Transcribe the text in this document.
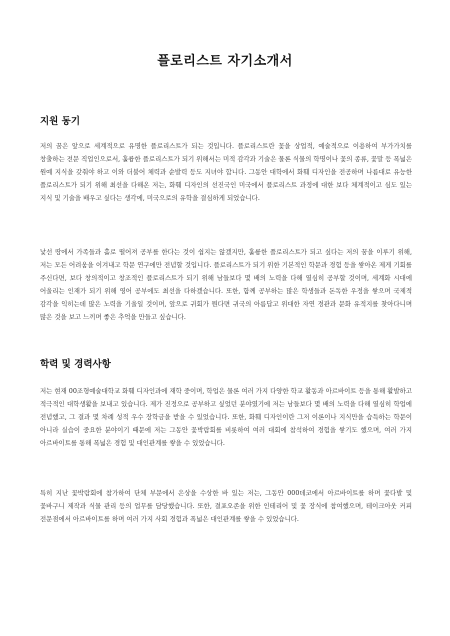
플로리스트 자기소개서
지원 동기

저의 꿈은 앞으로 세계적으로 유명한 플로리스트가 되는 것입니다. 플로리스트란 꽃을 상업적, 예술적으로 이용하여 부가가치를 창출하는 전문 직업인으로서, 훌륭한 플로리스트가 되기 위해서는 미적 감각과 기술은 물론 식물의 학명이나 꽃의 종류, 꽃말 등 폭넓은 원예 지식을 갖춰야 하고 이와 더불어 체력과 순발력 등도 지녀야 합니다. 그동안 대학에서 화훼 디자인을 전공하며 나름대로 유능한 플로리스트가 되기 위해 최선을 다해온 저는, 화훼 디자인의 선진국인 미국에서 플로리스트 과정에 대한 보다 체계적이고 심도 있는 지식 및 기술을 배우고 싶다는 생각에, 미국으로의 유학을 결심하게 되었습니다.

낯선 땅에서 가족들과 홀로 떨어져 공부를 한다는 것이 쉽지는 않겠지만, 훌륭한 플로리스트가 되고 싶다는 저의 꿈을 이루기 위해, 저는 모든 어려움을 이겨내고 학문 연구에만 전념할 것입니다. 플로리스트가 되기 위한 기본적인 학문과 경험 등을 쌓아온 제게 기회를 주신다면, 보다 창의적이고 창조적인 플로리스트가 되기 위해 남들보다 몇 배의 노력을 다해 열심히 공부할 것이며, 세계화 시대에 어울리는 인재가 되기 위해 영어 공부에도 최선을 다하겠습니다. 또한, 함께 공부하는 많은 학생들과 돈독한 우정을 쌓으며 국제적 감각을 익히는데 많은 노력을 기울일 것이며, 앞으로 귀회가 뭔다면 귀국의 아름답고 위대한 자연 경관과 문화 유적지를 찾아다니며 많은 것을 보고 느끼며 좋은 추억을 만들고 싶습니다.

학력 및 경력사항

저는 현재 00조형예술대학교 화훼 디자인과에 재학 중이며, 학업은 물론 여러 가지 다양한 학교 활동과 아르바이트 등을 통해 활발하고 적극적인 대학생활을 보내고 있습니다. 제가 진정으로 공부하고 싶었던 분야였기에 저는 남들보다 몇 배의 노력을 다해 열심히 학업에 전념했고, 그 결과 몇 차례 성적 우수 장학금을 받을 수 있었습니다. 또한, 화훼 디자인이란 그저 이론이나 지식만을 습득하는 학문이 아니라 실습이 중요한 분야이기 때문에 저는 그동안 꽃박람회를 비롯하여 여러 대회에 참석하여 경험을 쌓기도 했으며, 여러 가지 아르바이트를 통해 폭넓은 경험 및 대인관계를 쌓을 수 있었습니다.

특히 지난 꽃박람회에 참가하여 단체 부문에서 은상을 수상한 바 있는 저는, 그동안 000데코에서 아르바이트를 하며 꽃다발 및 꽃바구니 제작과 식물 관리 등의 업무를 담당했습니다. 또한, 결포오존을 위한 인테리어 및 꽃 장식에 참여했으며, 테이크아웃 커피 전문점에서 아르바이트를 하며 여러 가지 사회 경험과 폭넓은 대인관계를 쌓을 수 있었습니다.
